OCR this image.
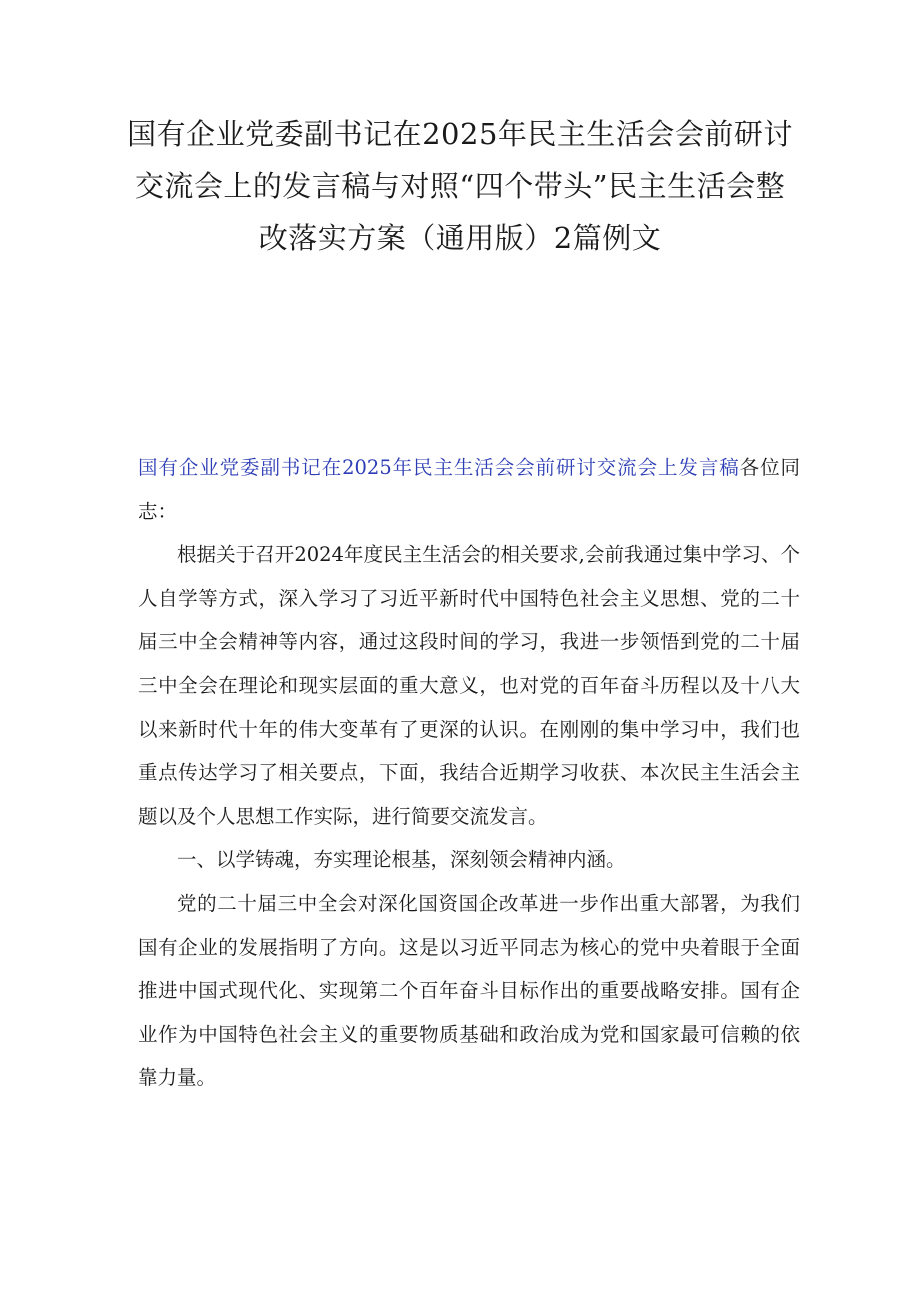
国有企业党委副书记在2025年民主生活会会前研讨
交流会上的发言稿与对照“四个带头”民主生活会整
改落实方案（通用版）2篇例文

国有企业党委副书记在2025年民主生活会会前研讨交流会上发言稿各位同志：

根据关于召开2024年度民主生活会的相关要求,会前我通过集中学习、个人自学等方式，深入学习了习近平新时代中国特色社会主义思想、党的二十届三中全会精神等内容，通过这段时间的学习，我进一步领悟到党的二十届三中全会在理论和现实层面的重大意义，也对党的百年奋斗历程以及十八大以来新时代十年的伟大变革有了更深的认识。在刚刚的集中学习中，我们也重点传达学习了相关要点，下面，我结合近期学习收获、本次民主生活会主题以及个人思想工作实际，进行简要交流发言。

一、以学铸魂，夯实理论根基，深刻领会精神内涵。

党的二十届三中全会对深化国资国企改革进一步作出重大部署，为我们国有企业的发展指明了方向。这是以习近平同志为核心的党中央着眼于全面推进中国式现代化、实现第二个百年奋斗目标作出的重要战略安排。国有企业作为中国特色社会主义的重要物质基础和政治成为党和国家最可信赖的依靠力量。
